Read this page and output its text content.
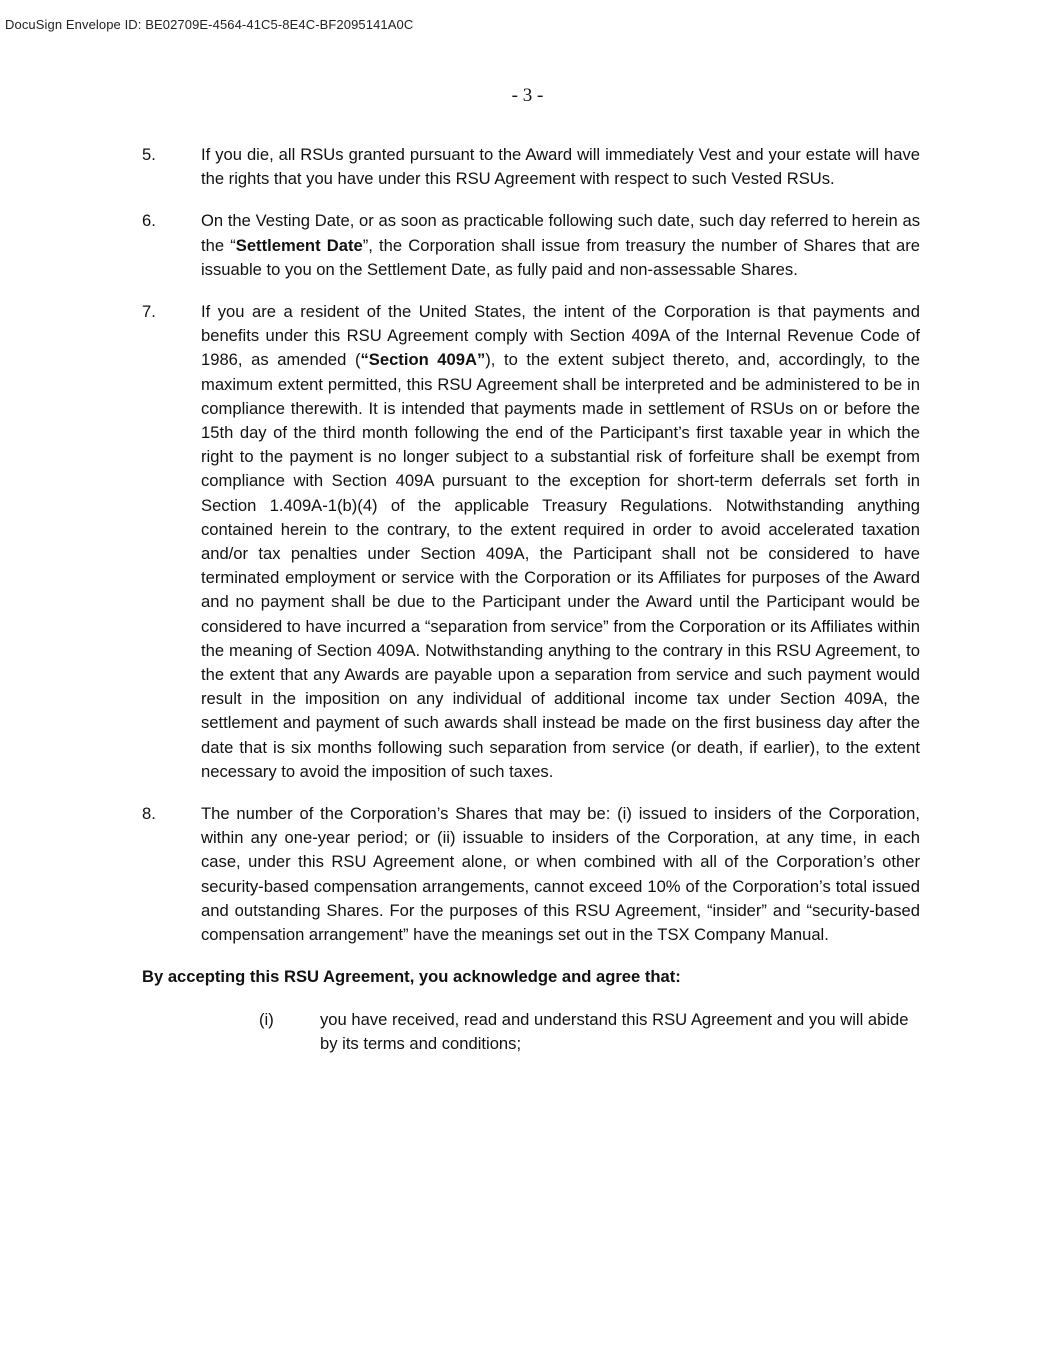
DocuSign Envelope ID: BE02709E-4564-41C5-8E4C-BF2095141A0C
- 3 -
5.	If you die, all RSUs granted pursuant to the Award will immediately Vest and your estate will have the rights that you have under this RSU Agreement with respect to such Vested RSUs.
6.	On the Vesting Date, or as soon as practicable following such date, such day referred to herein as the “Settlement Date”, the Corporation shall issue from treasury the number of Shares that are issuable to you on the Settlement Date, as fully paid and non-assessable Shares.
7.	If you are a resident of the United States, the intent of the Corporation is that payments and benefits under this RSU Agreement comply with Section 409A of the Internal Revenue Code of 1986, as amended (“Section 409A”), to the extent subject thereto, and, accordingly, to the maximum extent permitted, this RSU Agreement shall be interpreted and be administered to be in compliance therewith. It is intended that payments made in settlement of RSUs on or before the 15th day of the third month following the end of the Participant’s first taxable year in which the right to the payment is no longer subject to a substantial risk of forfeiture shall be exempt from compliance with Section 409A pursuant to the exception for short-term deferrals set forth in Section 1.409A-1(b)(4) of the applicable Treasury Regulations. Notwithstanding anything contained herein to the contrary, to the extent required in order to avoid accelerated taxation and/or tax penalties under Section 409A, the Participant shall not be considered to have terminated employment or service with the Corporation or its Affiliates for purposes of the Award and no payment shall be due to the Participant under the Award until the Participant would be considered to have incurred a “separation from service” from the Corporation or its Affiliates within the meaning of Section 409A. Notwithstanding anything to the contrary in this RSU Agreement, to the extent that any Awards are payable upon a separation from service and such payment would result in the imposition on any individual of additional income tax under Section 409A, the settlement and payment of such awards shall instead be made on the first business day after the date that is six months following such separation from service (or death, if earlier), to the extent necessary to avoid the imposition of such taxes.
8.	The number of the Corporation’s Shares that may be: (i) issued to insiders of the Corporation, within any one-year period; or (ii) issuable to insiders of the Corporation, at any time, in each case, under this RSU Agreement alone, or when combined with all of the Corporation’s other security-based compensation arrangements, cannot exceed 10% of the Corporation’s total issued and outstanding Shares. For the purposes of this RSU Agreement, “insider” and “security-based compensation arrangement” have the meanings set out in the TSX Company Manual.
By accepting this RSU Agreement, you acknowledge and agree that:
(i)	you have received, read and understand this RSU Agreement and you will abide by its terms and conditions;
